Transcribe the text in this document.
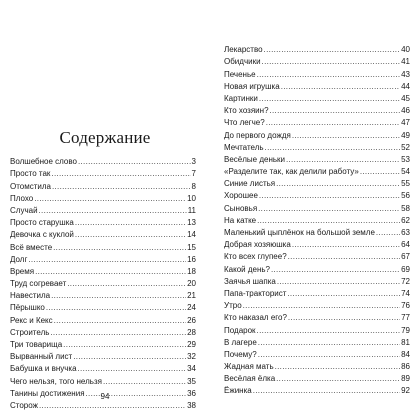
Содержание
Волшебное слово .....	3
Просто так .....	7
Отомстила .....	8
Плохо .....	10
Случай .....	11
Просто старушка .....	13
Девочка с куклой .....	14
Всё вместе .....	15
Долг .....	16
Время .....	18
Труд согревает .....	20
Навестила .....	21
Пёрышко .....	24
Рекс и Кекс .....	26
Строитель .....	28
Три товарища .....	29
Вырванный лист .....	32
Бабушка и внучка .....	34
Чего нельзя, того нельзя .....	35
Танины достижения .....	36
Сторож .....	38
94
Лекарство .....	40
Обидчики .....	41
Печенье .....	43
Новая игрушка .....	44
Картинки .....	45
Кто хозяин? .....	46
Что легче? .....	47
До первого дождя .....	49
Мечтатель .....	52
Весёлые деньки .....	53
«Разделите так, как делили работу» .....	54
Синие листья .....	55
Хорошее .....	56
Сыновья .....	58
На катке .....	62
Маленький цыплёнок на большой земле .....	63
Добрая хозяюшка .....	64
Кто всех глупее? .....	67
Какой день? .....	69
Заячья шапка .....	72
Папа-тракторист .....	74
Утро .....	76
Кто наказал его? .....	77
Подарок .....	79
В лагере .....	81
Почему? .....	84
Жадная мать .....	86
Весёлая ёлка .....	89
Ёжинка .....	92
